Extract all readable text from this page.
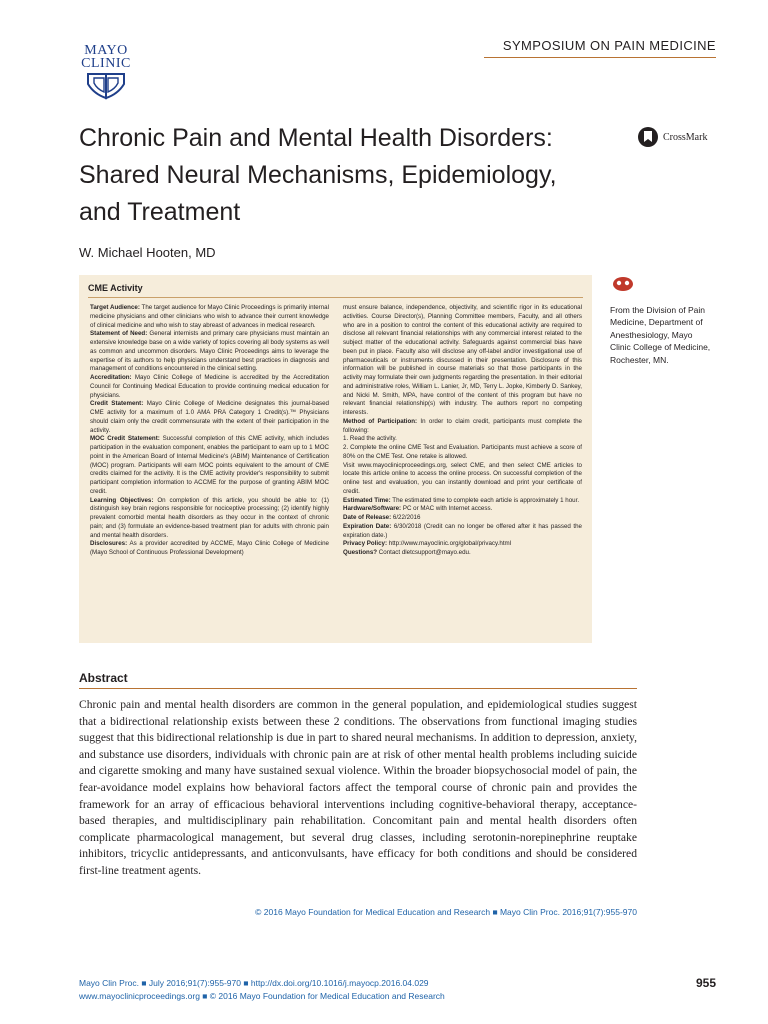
MAYO
CLINIC
SYMPOSIUM ON PAIN MEDICINE
Chronic Pain and Mental Health Disorders: Shared Neural Mechanisms, Epidemiology, and Treatment
CrossMark
W. Michael Hooten, MD
CME Activity

Target Audience: The target audience for Mayo Clinic Proceedings is primarily internal medicine physicians and other clinicians who wish to advance their current knowledge of clinical medicine and who wish to stay abreast of advances in medical research.

Statement of Need: General internists and primary care physicians must maintain an extensive knowledge base on a wide variety of topics covering all body systems as well as common and uncommon disorders. Mayo Clinic Proceedings aims to leverage the expertise of its authors to help physicians understand best practices in diagnosis and management of conditions encountered in the clinical setting.

Accreditation: Mayo Clinic College of Medicine is accredited by the Accreditation Council for Continuing Medical Education to provide continuing medical education for physicians.

Credit Statement: Mayo Clinic College of Medicine designates this journal-based CME activity for a maximum of 1.0 AMA PRA Category 1 Credit(s).™ Physicians should claim only the credit commensurate with the extent of their participation in the activity.

MOC Credit Statement: Successful completion of this CME activity, which includes participation in the evaluation component, enables the participant to earn up to 1 MOC point in the American Board of Internal Medicine's (ABIM) Maintenance of Certification (MOC) program. Participants will earn MOC points equivalent to the amount of CME credits claimed for the activity. It is the CME activity provider's responsibility to submit participant completion information to ACCME for the purpose of granting ABIM MOC credit.

Learning Objectives: On completion of this article, you should be able to: (1) distinguish key brain regions responsible for nociceptive processing; (2) identify highly prevalent comorbid mental health disorders as they occur in the context of chronic pain; and (3) formulate an evidence-based treatment plan for adults with chronic pain and mental health disorders.

Disclosures: As a provider accredited by ACCME, Mayo Clinic College of Medicine (Mayo School of Continuous Professional Development)

must ensure balance, independence, objectivity, and scientific rigor in its educational activities. Course Director(s), Planning Committee members, Faculty, and all others who are in a position to control the content of this educational activity are required to disclose all relevant financial relationships with any commercial interest related to the subject matter of the educational activity. Safeguards against commercial bias have been put in place. Faculty also will disclose any off-label and/or investigational use of pharmaceuticals or instruments discussed in their presentation. Disclosure of this information will be published in course materials so that those participants in the activity may formulate their own judgments regarding the presentation. In their editorial and administrative roles, William L. Lanier, Jr, MD, Terry L. Jopke, Kimberly D. Sankey, and Nicki M. Smith, MPA, have control of the content of this program but have no relevant financial relationship(s) with industry. The authors report no competing interests.

Method of Participation: In order to claim credit, participants must complete the following:

1. Read the activity.

2. Complete the online CME Test and Evaluation. Participants must achieve a score of 80% on the CME Test. One retake is allowed.

Visit www.mayoclinicproceedings.org, select CME, and then select CME articles to locate this article online to access the online process. On successful completion of the online test and evaluation, you can instantly download and print your certificate of credit.

Estimated Time: The estimated time to complete each article is approximately 1 hour.

Hardware/Software: PC or MAC with Internet access.

Date of Release: 6/22/2016

Expiration Date: 6/30/2018 (Credit can no longer be offered after it has passed the expiration date.)

Privacy Policy: http://www.mayoclinic.org/global/privacy.html

Questions? Contact dletcsupport@mayo.edu.

From the Division of Pain Medicine, Department of Anesthesiology, Mayo Clinic College of Medicine, Rochester, MN.
Abstract

Chronic pain and mental health disorders are common in the general population, and epidemiological studies suggest that a bidirectional relationship exists between these 2 conditions. The observations from functional imaging studies suggest that this bidirectional relationship is due in part to shared neural mechanisms. In addition to depression, anxiety, and substance use disorders, individuals with chronic pain are at risk of other mental health problems including suicide and cigarette smoking and many have sustained sexual violence. Within the broader biopsychosocial model of pain, the fear-avoidance model explains how behavioral factors affect the temporal course of chronic pain and provides the framework for an array of efficacious behavioral interventions including cognitive-behavioral therapy, acceptance-based therapies, and multidisciplinary pain rehabilitation. Concomitant pain and mental health disorders often complicate pharmacological management, but several drug classes, including serotonin-norepinephrine reuptake inhibitors, tricyclic antidepressants, and anticonvulsants, have efficacy for both conditions and should be considered first-line treatment agents.

© 2016 Mayo Foundation for Medical Education and Research ■ Mayo Clin Proc. 2016;91(7):955-970
Mayo Clin Proc. ■ July 2016;91(7):955-970 ■ http://dx.doi.org/10.1016/j.mayocp.2016.04.029
www.mayoclinicproceedings.org ■ © 2016 Mayo Foundation for Medical Education and Research
955
